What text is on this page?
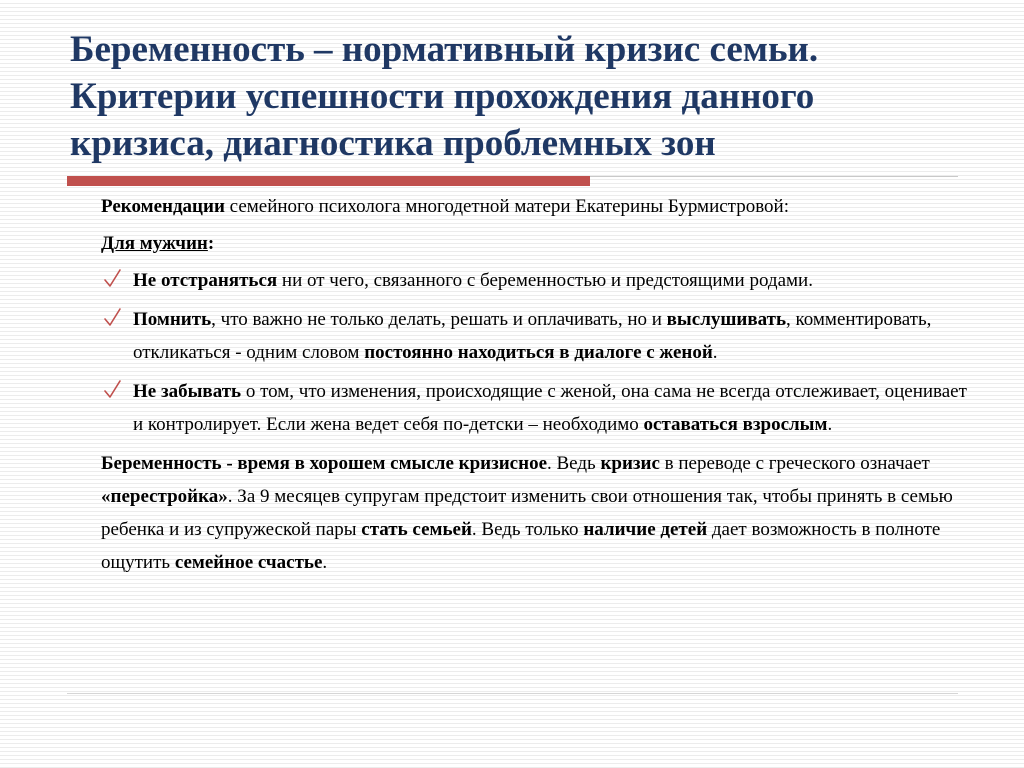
Беременность – нормативный кризис семьи.
Критерии успешности прохождения данного
кризиса, диагностика проблемных зон

Рекомендации семейного психолога многодетной матери Екатерины Бурмистровой:

Для мужчин:

Не отстраняться ни от чего, связанного с беременностью и предстоящими родами.
Помнить, что важно не только делать, решать и оплачивать, но и выслушивать, комментировать, откликаться - одним словом постоянно находиться в диалоге с женой.
Не забывать о том, что изменения, происходящие с женой, она сама не всегда отслеживает, оценивает и контролирует. Если жена ведет себя по-детски – необходимо оставаться взрослым.

Беременность - время в хорошем смысле кризисное. Ведь кризис в переводе с греческого означает «перестройка». За 9 месяцев супругам предстоит изменить свои отношения так, чтобы принять в семью ребенка и из супружеской пары стать семьей. Ведь только наличие детей дает возможность в полноте ощутить семейное счастье.
